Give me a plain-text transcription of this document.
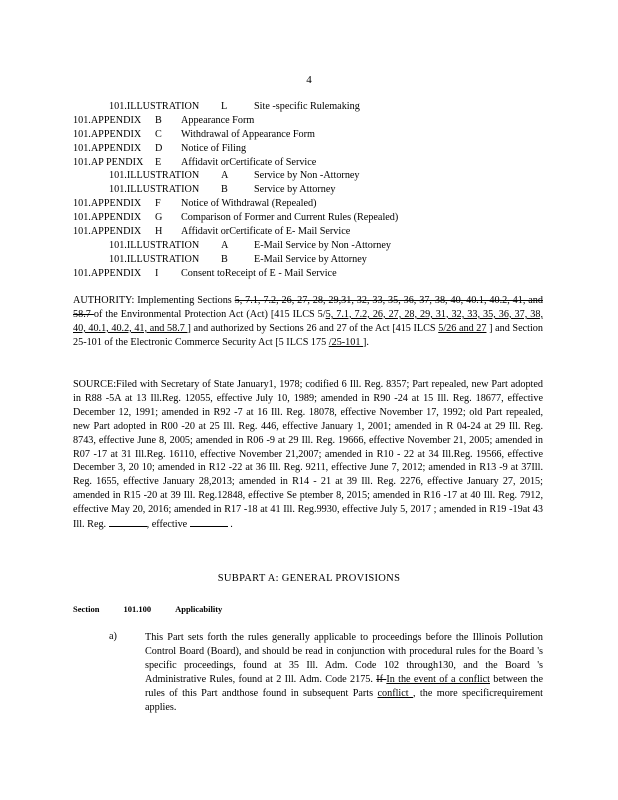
4
101.ILLUSTRATION L	Site -specific Rulemaking
101.APPENDIX B Appearance Form
101.APPENDIX C Withdrawal of Appearance Form
101.APPENDIX D Notice of Filing
101.AP PENDIX E Affidavit orCertificate of Service
101.ILLUSTRATION A	Service by Non -Attorney
101.ILLUSTRATION B	Service by Attorney
101.APPENDIX F Notice of Withdrawal (Repealed)
101.APPENDIX G Comparison of Former and Current Rules (Repealed)
101.APPENDIX H Affidavit orCertificate of E- Mail Service
101.ILLUSTRATION A	E-Mail Service by Non -Attorney
101.ILLUSTRATION B	E-Mail Service by Attorney
101.APPENDIX I Consent toReceipt of E - Mail Service
AUTHORITY: Implementing Sections 5, 7.1, 7.2, 26, 27, 28, 29,31, 32, 33, 35, 36, 37, 38, 40, 40.1, 40.2, 41, and 58.7 of the Environmental Protection Act (Act) [415 ILCS 5/5, 7.1, 7.2, 26, 27, 28, 29, 31, 32, 33, 35, 36, 37, 38, 40, 40.1, 40.2, 41, and 58.7 ] and authorized by Sections 26 and 27 of the Act [415 ILCS 5/26 and 27 ] and Section 25-101 of the Electronic Commerce Security Act [5 ILCS 175 /25-101 ].
SOURCE:Filed with Secretary of State January1, 1978; codified 6 Ill. Reg. 8357; Part repealed, new Part adopted in R88 -5A at 13 Ill.Reg. 12055, effective July 10, 1989; amended in R90 -24 at 15 Ill. Reg. 18677, effective December 12, 1991; amended in R92 -7 at 16 Ill. Reg. 18078, effective November 17, 1992; old Part repealed, new Part adopted in R00 -20 at 25 Ill. Reg. 446, effective January 1, 2001; amended in R 04-24 at 29 Ill. Reg. 8743, effective June 8, 2005; amended in R06 -9 at 29 Ill. Reg. 19666, effective November 21, 2005; amended in R07 -17 at 31 Ill.Reg. 16110, effective November 21,2007; amended in R10 - 22 at 34 Ill.Reg. 19566, effective December 3, 20 10; amended in R12 -22 at 36 Ill. Reg. 9211, effective June 7, 2012; amended in R13 -9 at 37Ill. Reg. 1655, effective January 28,2013; amended in R14 - 21 at 39 Ill. Reg. 2276, effective January 27, 2015; amended in R15 -20 at 39 Ill. Reg.12848, effective Se ptember 8, 2015; amended in R16 -17 at 40 Ill. Reg. 7912, effective May 20, 2016; amended in R17 -18 at 41 Ill. Reg.9930, effective July 5, 2017 ; amended in R19 -19at 43 Ill. Reg.	, effective	.
SUBPART A: GENERAL PROVISIONS
Section	101.100	Applicability
a)	This Part sets forth the rules generally applicable to proceedings before the Illinois Pollution Control Board (Board), and should be read in conjunction with procedural rules for the Board 's specific proceedings, found at 35 Ill. Adm. Code 102 through130, and the Board 's Administrative Rules, found at 2 Ill. Adm. Code 2175. If In the event of a conflict between the rules of this Part andthose found in subsequent Parts conflict , the more specificrequirement applies.
